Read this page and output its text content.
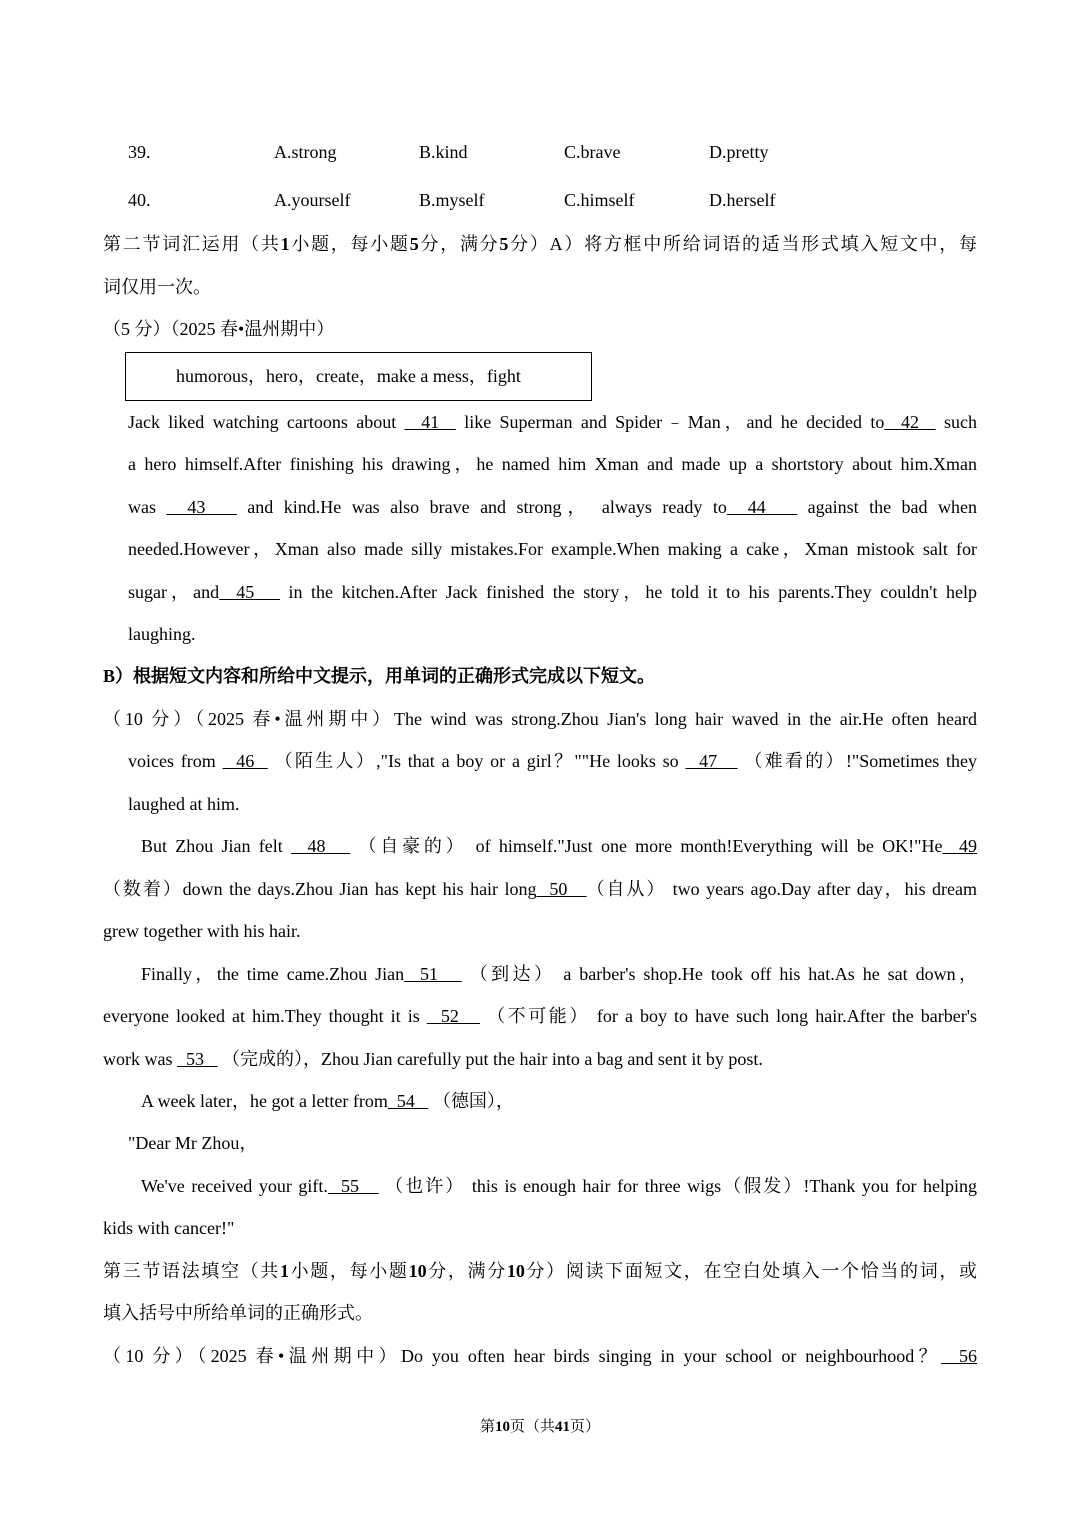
39.	A.strong	B.kind	C.brave	D.pretty
40.	A.yourself	B.myself	C.himself	D.herself
第二节词汇运用（共1小题，每小题5分，满分5分）A）将方框中所给词语的适当形式填入短文中，每
词仅用一次。
（5 分）（2025 春•温州期中）
humorous，hero，create，make a mess，fight
Jack liked watching cartoons about   41   like Superman and Spider﹣Man，and he decided to  42   such
a hero himself.After finishing his drawing，he named him Xman and made up a shortstory about him.Xman
was   43    and kind.He was also brave and strong， always ready to  44    against the bad when
needed.However，Xman also made silly mistakes.For example.When making a cake，Xman mistook salt for
sugar，and  45    in the kitchen.After Jack finished the story，he told it to his parents.They couldn't help
laughing.
B）根据短文内容和所给中文提示，用单词的正确形式完成以下短文。
（10 分）（2025 春•温州期中）The wind was strong.Zhou Jian's long hair waved in the air.He often heard
voices from   46   （陌生人）,"Is that a boy or a girl？""He looks so   47    （难看的）!"Sometimes they
laughed at him.
But Zhou Jian felt   48    （自豪的） of himself."Just one more month!Everything will be OK!"He  49
（数着）down the days.Zhou Jian has kept his hair long  50   （自从） two years ago.Day after day，his dream
grew together with his hair.
Finally，the time came.Zhou Jian  51    （到达） a barber's shop.He took off his hat.As he sat down，
everyone looked at him.They thought it is   52    （不可能） for a boy to have such long hair.After the barber's
work was   53    （完成的），Zhou Jian carefully put the hair into a bag and sent it by post.
A week later，he got a letter from  54    （德国），
"Dear Mr Zhou，
We've received your gift.  55    （也许） this is enough hair for three wigs（假发）!Thank you for helping
kids with cancer!"
第三节语法填空（共1小题，每小题10分，满分10分）阅读下面短文，在空白处填入一个恰当的词，或
填入括号中所给单词的正确形式。
（10 分）（2025 春•温州期中）Do you often hear birds singing in your school or neighbourhood？  56
第10页（共41页）
